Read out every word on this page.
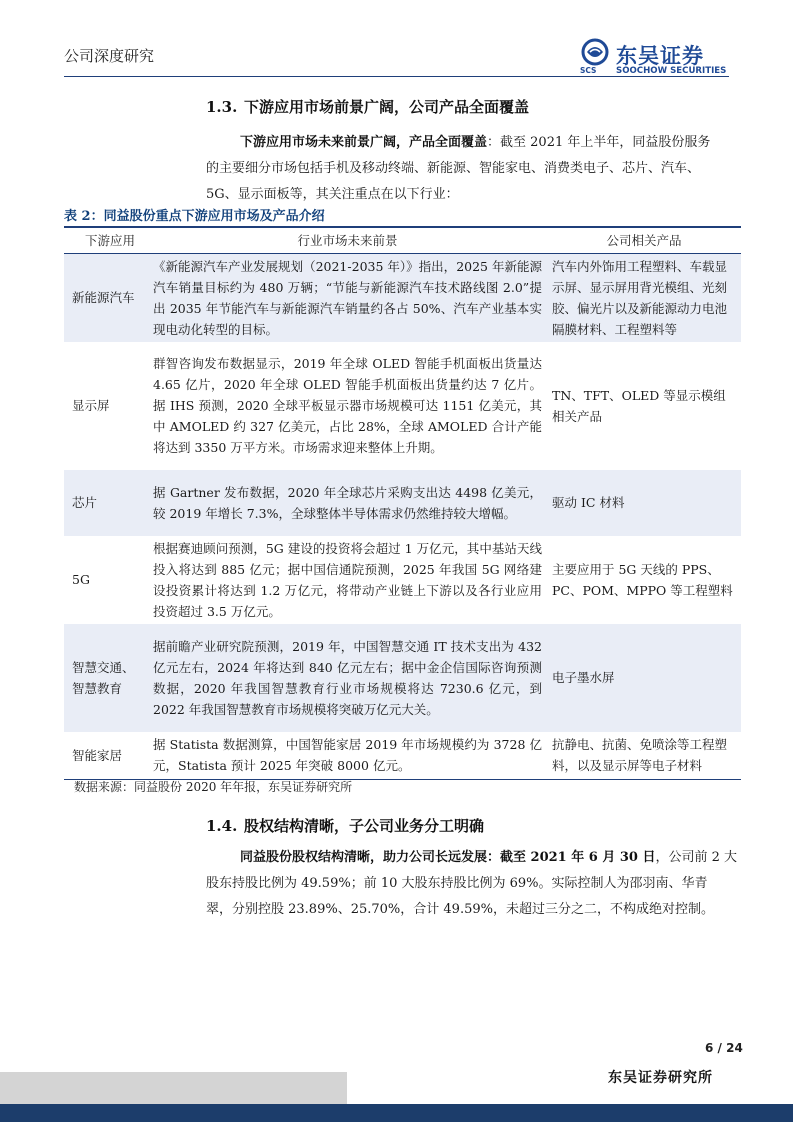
公司深度研究
SCS
东吴证券
SOOCHOW SECURITIES
1.3. 下游应用市场前景广阔，公司产品全面覆盖
下游应用市场未来前景广阔，产品全面覆盖：截至 2021 年上半年，同益股份服务
的主要细分市场包括手机及移动终端、新能源、智能家电、消费类电子、芯片、汽车、
5G、显示面板等，其关注重点在以下行业：
表 2：同益股份重点下游应用市场及产品介绍
下游应用	行业市场未来前景	公司相关产品
新能源汽车	《新能源汽车产业发展规划（2021-2035 年）》指出，2025 年新能源汽车销量目标约为 480 万辆；“节能与新能源汽车技术路线图 2.0”提出 2035 年节能汽车与新能源汽车销量约各占 50%、汽车产业基本实现电动化转型的目标。	汽车内外饰用工程塑料、车载显示屏、显示屏用背光模组、光刻胶、偏光片以及新能源动力电池隔膜材料、工程塑料等
显示屏	群智咨询发布数据显示，2019 年全球 OLED 智能手机面板出货量达 4.65 亿片，2020 年全球 OLED 智能手机面板出货量约达 7 亿片。据 IHS 预测，2020 全球平板显示器市场规模可达 1151 亿美元，其中 AMOLED 约 327 亿美元，占比 28%，全球 AMOLED 合计产能将达到 3350 万平方米。市场需求迎来整体上升期。	TN、TFT、OLED 等显示模组相关产品
芯片	据 Gartner 发布数据，2020 年全球芯片采购支出达 4498 亿美元，较 2019 年增长 7.3%，全球整体半导体需求仍然维持较大增幅。	驱动 IC 材料
5G	根据赛迪顾问预测，5G 建设的投资将会超过 1 万亿元，其中基站天线投入将达到 885 亿元；据中国信通院预测，2025 年我国 5G 网络建设投资累计将达到 1.2 万亿元，将带动产业链上下游以及各行业应用投资超过 3.5 万亿元。	主要应用于 5G 天线的 PPS、PC、POM、MPPO 等工程塑料
智慧交通、智慧教育	据前瞻产业研究院预测，2019 年，中国智慧交通 IT 技术支出为 432 亿元左右，2024 年将达到 840 亿元左右；据中金企信国际咨询预测数据，2020 年我国智慧教育行业市场规模将达 7230.6 亿元，到 2022 年我国智慧教育市场规模将突破万亿元大关。	电子墨水屏
智能家居	据 Statista 数据测算，中国智能家居 2019 年市场规模约为 3728 亿元，Statista 预计 2025 年突破 8000 亿元。	抗静电、抗菌、免喷涂等工程塑料，以及显示屏等电子材料
数据来源：同益股份 2020 年年报，东吴证券研究所
1.4. 股权结构清晰，子公司业务分工明确
同益股份股权结构清晰，助力公司长远发展：截至 2021 年 6 月 30 日，公司前 2 大
股东持股比例为 49.59%；前 10 大股东持股比例为 69%。实际控制人为邵羽南、华青
翠，分别控股 23.89%、25.70%，合计 49.59%，未超过三分之二，不构成绝对控制。
6 / 24
东吴证券研究所
